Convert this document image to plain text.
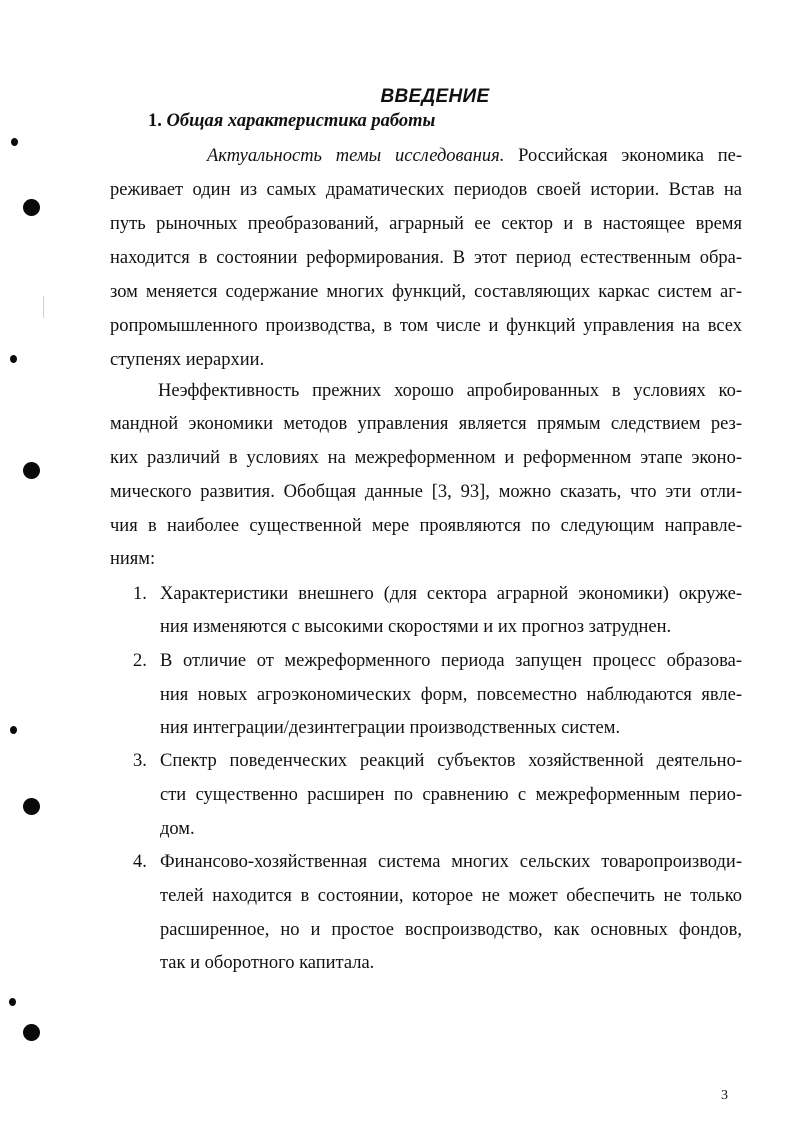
ВВЕДЕНИЕ
1. Общая характеристика работы
Актуальность темы исследования. Российская экономика пе-
реживает один из самых драматических периодов своей истории. Встав на
путь рыночных преобразований, аграрный ее сектор и в настоящее время
находится в состоянии реформирования. В этот период естественным обра-
зом меняется содержание многих функций, составляющих каркас систем аг-
ропромышленного производства, в том числе и функций управления на всех
ступенях иерархии.
Неэффективность прежних хорошо апробированных в условиях ко-
мандной экономики методов управления является прямым следствием рез-
ких различий в условиях на межреформенном и реформенном этапе эконо-
мического развития. Обобщая данные [3, 93], можно сказать, что эти отли-
чия в наиболее существенной мере проявляются по следующим направле-
ниям:
1. Характеристики внешнего (для сектора аграрной экономики) окруже-
ния изменяются с высокими скоростями и их прогноз затруднен.
2. В отличие от межреформенного периода запущен процесс образова-
ния новых агроэкономических форм, повсеместно наблюдаются явле-
ния интеграции/дезинтеграции производственных систем.
3. Спектр поведенческих реакций субъектов хозяйственной деятельно-
сти существенно расширен по сравнению с межреформенным перио-
дом.
4. Финансово-хозяйственная система многих сельских товаропроизводи-
телей находится в состоянии, которое не может обеспечить не только
расширенное, но и простое воспроизводство, как основных фондов,
так и оборотного капитала.
3
